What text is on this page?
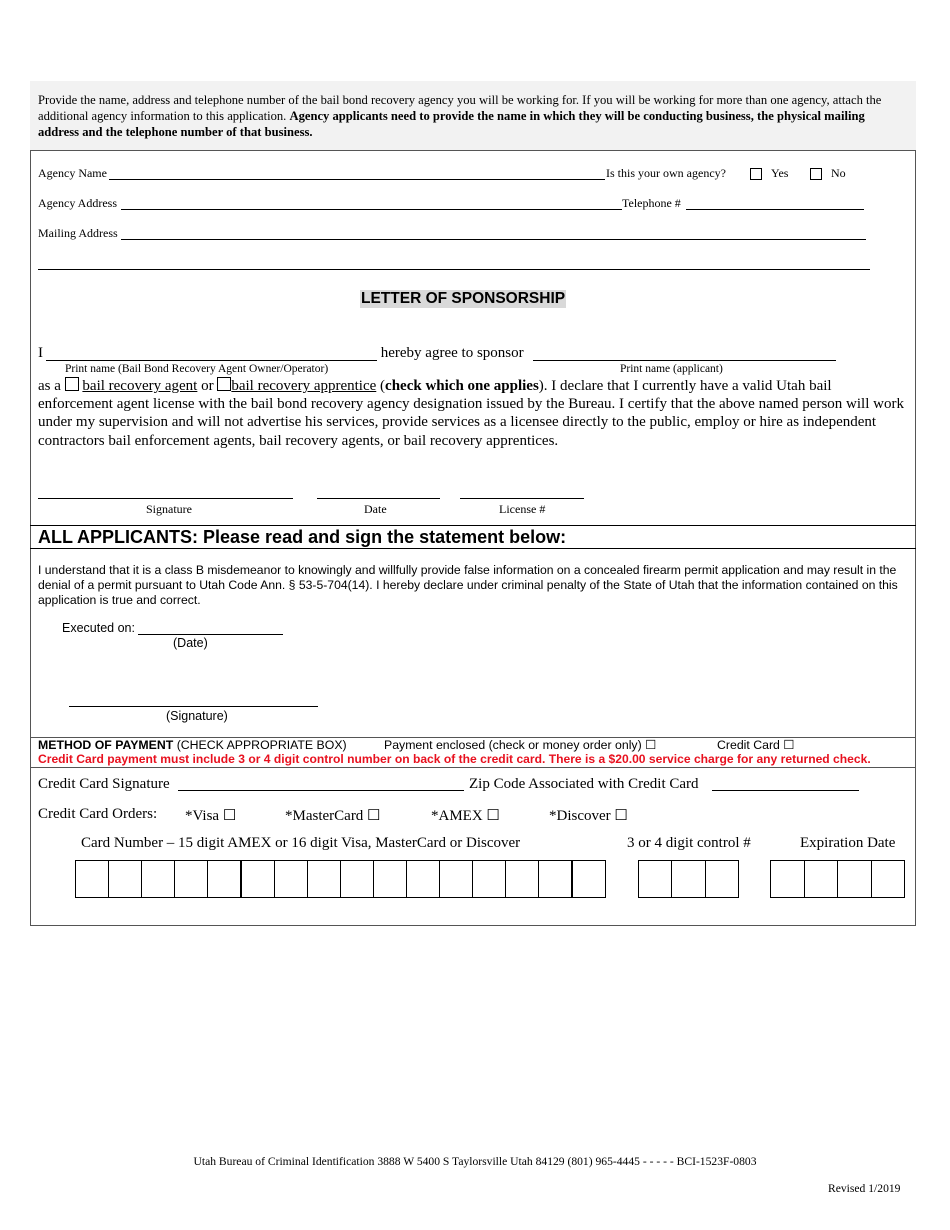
Provide the name, address and telephone number of the bail bond recovery agency you will be working for. If you will be working for more than one agency, attach the additional agency information to this application. Agency applicants need to provide the name in which they will be conducting business, the physical mailing address and the telephone number of that business.
Agency Name	Is this your own agency?	Yes	No
Agency Address	Telephone #
Mailing Address
LETTER OF SPONSORSHIP
I	hereby agree to sponsor
Print name (Bail Bond Recovery Agent Owner/Operator)	Print name (applicant)
as a  bail recovery agent or bail recovery apprentice (check which one applies). I declare that I currently have a valid Utah bail enforcement agent license with the bail bond recovery agency designation issued by the Bureau. I certify that the above named person will work under my supervision and will not advertise his services, provide services as a licensee directly to the public, employ or hire as independent contractors bail enforcement agents, bail recovery agents, or bail recovery apprentices.
Signature	Date	License #
ALL APPLICANTS: Please read and sign the statement below:
I understand that it is a class B misdemeanor to knowingly and willfully provide false information on a concealed firearm permit application and may result in the denial of a permit pursuant to Utah Code Ann. § 53-5-704(14). I hereby declare under criminal penalty of the State of Utah that the information contained on this application is true and correct.
Executed on:
(Date)
(Signature)
METHOD OF PAYMENT (CHECK APPROPRIATE BOX)	Payment enclosed (check or money order only) ☐	Credit Card ☐
Credit Card payment must include 3 or 4 digit control number on back of the credit card. There is a $20.00 service charge for any returned check.
Credit Card Signature	Zip Code Associated with Credit Card
Credit Card Orders: *Visa ☐	*MasterCard ☐	*AMEX ☐	*Discover ☐
Card Number – 15 digit AMEX or 16 digit Visa, MasterCard or Discover	3 or 4 digit control #	Expiration Date
Utah Bureau of Criminal Identification 3888 W 5400 S Taylorsville Utah 84129 (801) 965-4445 - - - - - BCI-1523F-0803
Revised 1/2019
